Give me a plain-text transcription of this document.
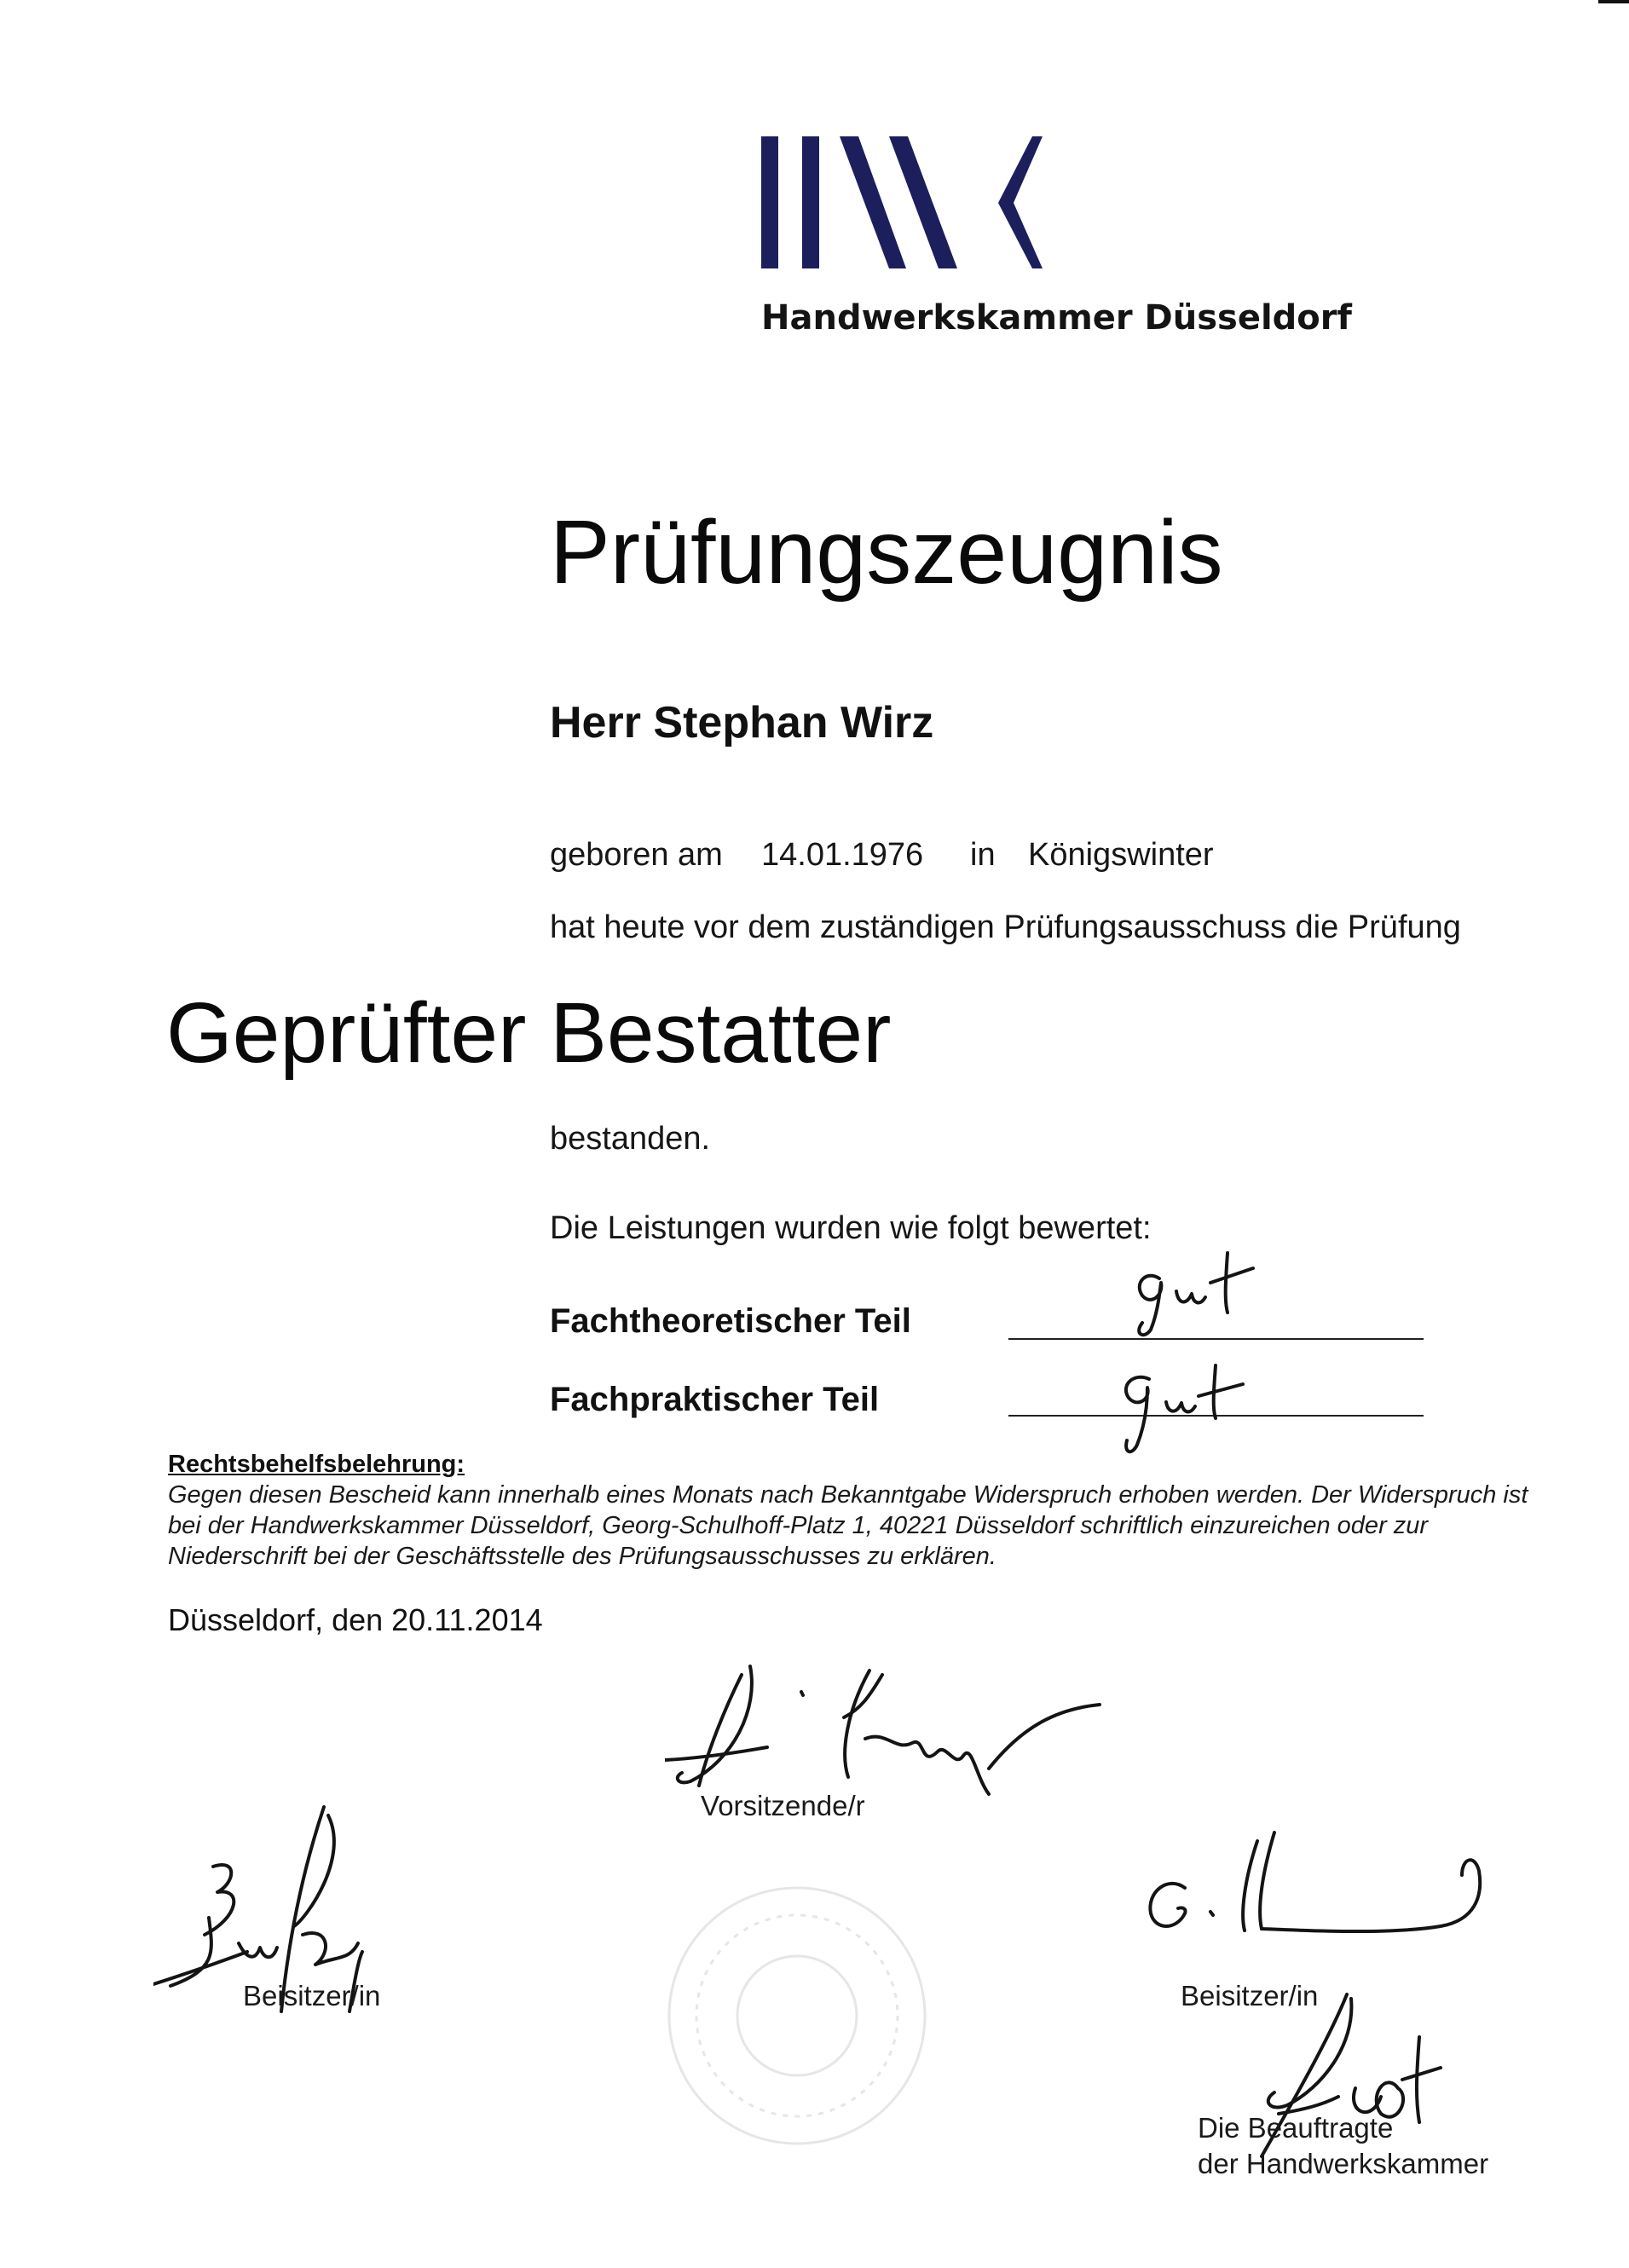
Handwerkskammer Düsseldorf
Prüfungszeugnis
Herr Stephan Wirz
geboren am 14.01.1976 in Königswinter
hat heute vor dem zuständigen Prüfungsausschuss die Prüfung
Geprüfter Bestatter
bestanden.
Die Leistungen wurden wie folgt bewertet:
Fachtheoretischer Teil
Fachpraktischer Teil
Rechtsbehelfsbelehrung:
Gegen diesen Bescheid kann innerhalb eines Monats nach Bekanntgabe Widerspruch erhoben werden. Der Widerspruch ist
bei der Handwerkskammer Düsseldorf, Georg-Schulhoff-Platz 1, 40221 Düsseldorf schriftlich einzureichen oder zur
Niederschrift bei der Geschäftsstelle des Prüfungsausschusses zu erklären.
Düsseldorf, den 20.11.2014
Vorsitzende/r
Beisitzer/in	Beisitzer/in
Die Beauftragte
der Handwerkskammer
